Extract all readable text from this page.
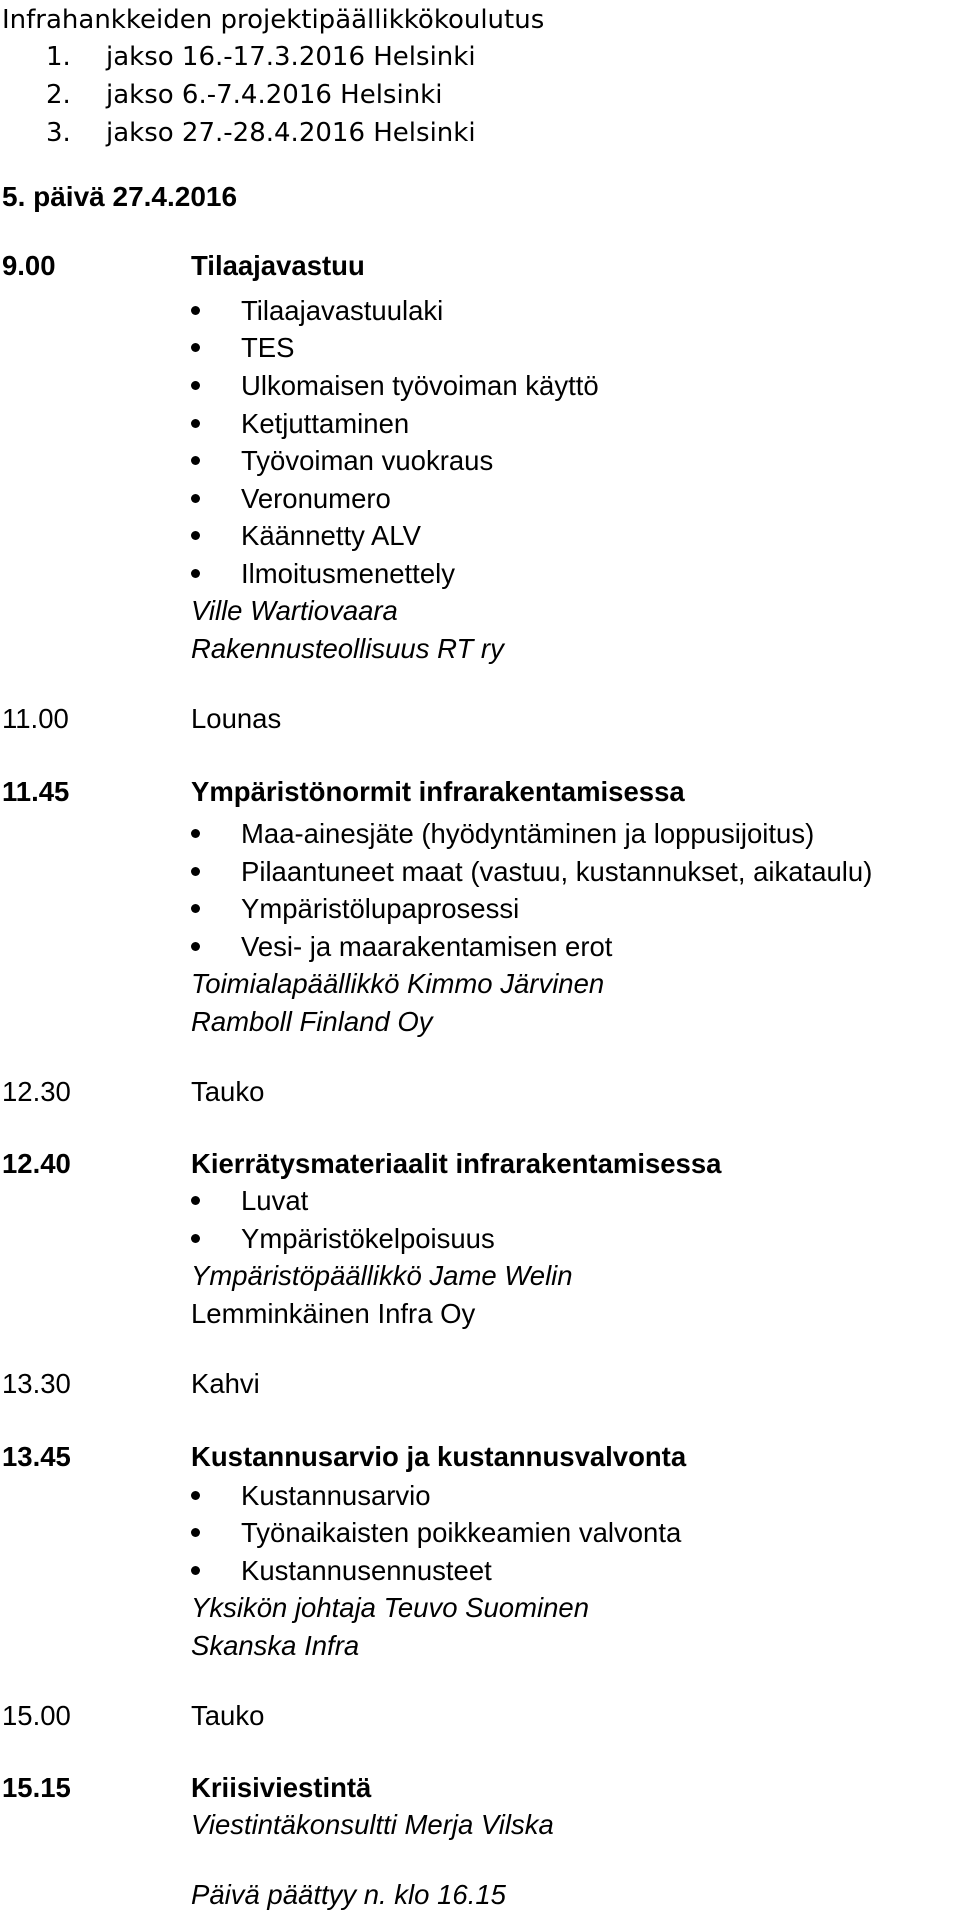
Infrahankkeiden projektipäällikkökoulutus
1. jakso 16.-17.3.2016 Helsinki
2. jakso 6.-7.4.2016 Helsinki
3. jakso 27.-28.4.2016 Helsinki
5. päivä 27.4.2016
9.00	Tilaajavastuu
Tilaajavastuulaki
TES
Ulkomaisen työvoiman käyttö
Ketjuttaminen
Työvoiman vuokraus
Veronumero
Käännetty ALV
Ilmoitusmenettely
Ville Wartiovaara
Rakennusteollisuus RT ry
11.00	Lounas
11.45	Ympäristönormit infrarakentamisessa
Maa-ainesjäte (hyödyntäminen ja loppusijoitus)
Pilaantuneet maat (vastuu, kustannukset, aikataulu)
Ympäristölupaprosessi
Vesi- ja maarakentamisen erot
Toimialapäällikkö Kimmo Järvinen
Ramboll Finland Oy
12.30	Tauko
12.40	Kierrätysmateriaalit infrarakentamisessa
Luvat
Ympäristökelpoisuus
Ympäristöpäällikkö Jame Welin
Lemminkäinen Infra Oy
13.30	Kahvi
13.45	Kustannusarvio ja kustannusvalvonta
Kustannusarvio
Työnaikaisten poikkeamien valvonta
Kustannusennusteet
Yksikön johtaja Teuvo Suominen
Skanska Infra
15.00	Tauko
15.15	Kriisiviestintä
Viestintäkonsultti Merja Vilska
Päivä päättyy n. klo 16.15
